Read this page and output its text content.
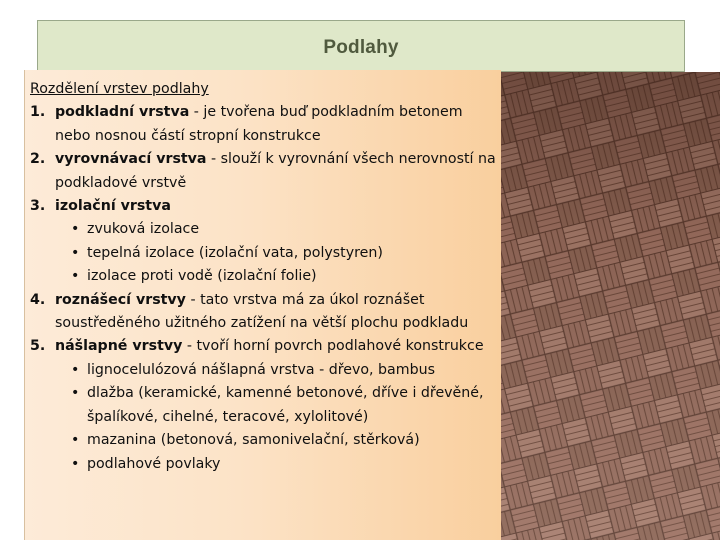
Podlahy
Rozdělení vrstev podlahy
1. podkladní vrstva - je tvořena buď podkladním betonem nebo nosnou částí stropní konstrukce
2. vyrovnávací vrstva - slouží k vyrovnání všech nerovností na podkladové vrstvě
3. izolační vrstva
• zvuková izolace
• tepelná izolace (izolační vata, polystyren)
• izolace proti vodě (izolační folie)
4. roznášecí vrstvy - tato vrstva má za úkol roznášet soustředěného užitného zatížení na větší plochu podkladu
5. nášlapné vrstvy - tvoří horní povrch podlahové konstrukce
• lignocelulózová nášlapná vrstva - dřevo, bambus
• dlažba (keramické, kamenné betonové, dříve i dřevěné, špalíkové, cihelné, teracové, xylolitové)
• mazanina (betonová, samonivelační, stěrková)
• podlahové povlaky
